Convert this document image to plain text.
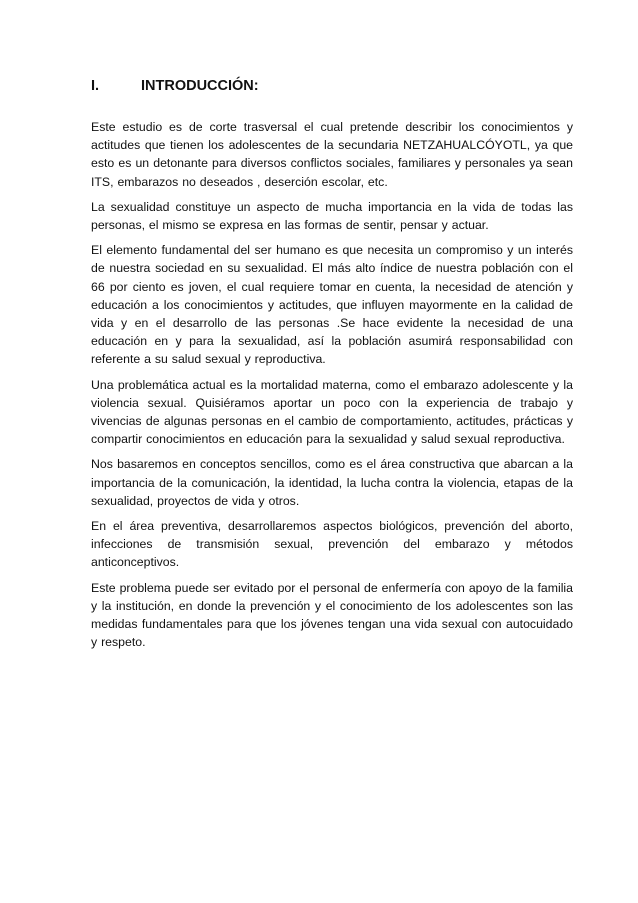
I.	INTRODUCCIÓN:

Este estudio es de corte trasversal el cual pretende describir los conocimientos y actitudes que tienen los adolescentes de la secundaria NETZAHUALCÓYOTL, ya que esto es un detonante para diversos conflictos sociales, familiares y personales ya sean ITS, embarazos no deseados , deserción escolar, etc.

La sexualidad constituye un aspecto de mucha importancia en la vida de todas las personas, el mismo se expresa en las formas de sentir, pensar y actuar.

El elemento fundamental del ser humano es que necesita un compromiso y un interés de nuestra sociedad en su sexualidad. El más alto índice de nuestra población con el 66 por ciento es joven, el cual requiere tomar en cuenta, la necesidad de atención y educación a los conocimientos y actitudes, que influyen mayormente en la calidad de vida y en el desarrollo de las personas .Se hace evidente la necesidad de una educación en y para la sexualidad, así la población asumirá responsabilidad con referente a su salud sexual y reproductiva.

Una problemática actual es la mortalidad materna, como el embarazo adolescente y la violencia sexual. Quisiéramos aportar un poco con la experiencia de trabajo y vivencias de algunas personas en el cambio de comportamiento, actitudes, prácticas y compartir conocimientos en educación para la sexualidad y salud sexual reproductiva.

Nos basaremos en conceptos sencillos, como es el área constructiva que abarcan a la importancia de la comunicación, la identidad, la lucha contra la violencia, etapas de la sexualidad, proyectos de vida y otros.

En el área preventiva, desarrollaremos aspectos biológicos, prevención del aborto, infecciones de transmisión sexual, prevención del embarazo y métodos anticonceptivos.

Este problema puede ser evitado por el personal de enfermería con apoyo de la familia y la institución, en donde la prevención y el conocimiento de los adolescentes son las medidas fundamentales para que los jóvenes tengan una vida sexual con autocuidado y respeto.
